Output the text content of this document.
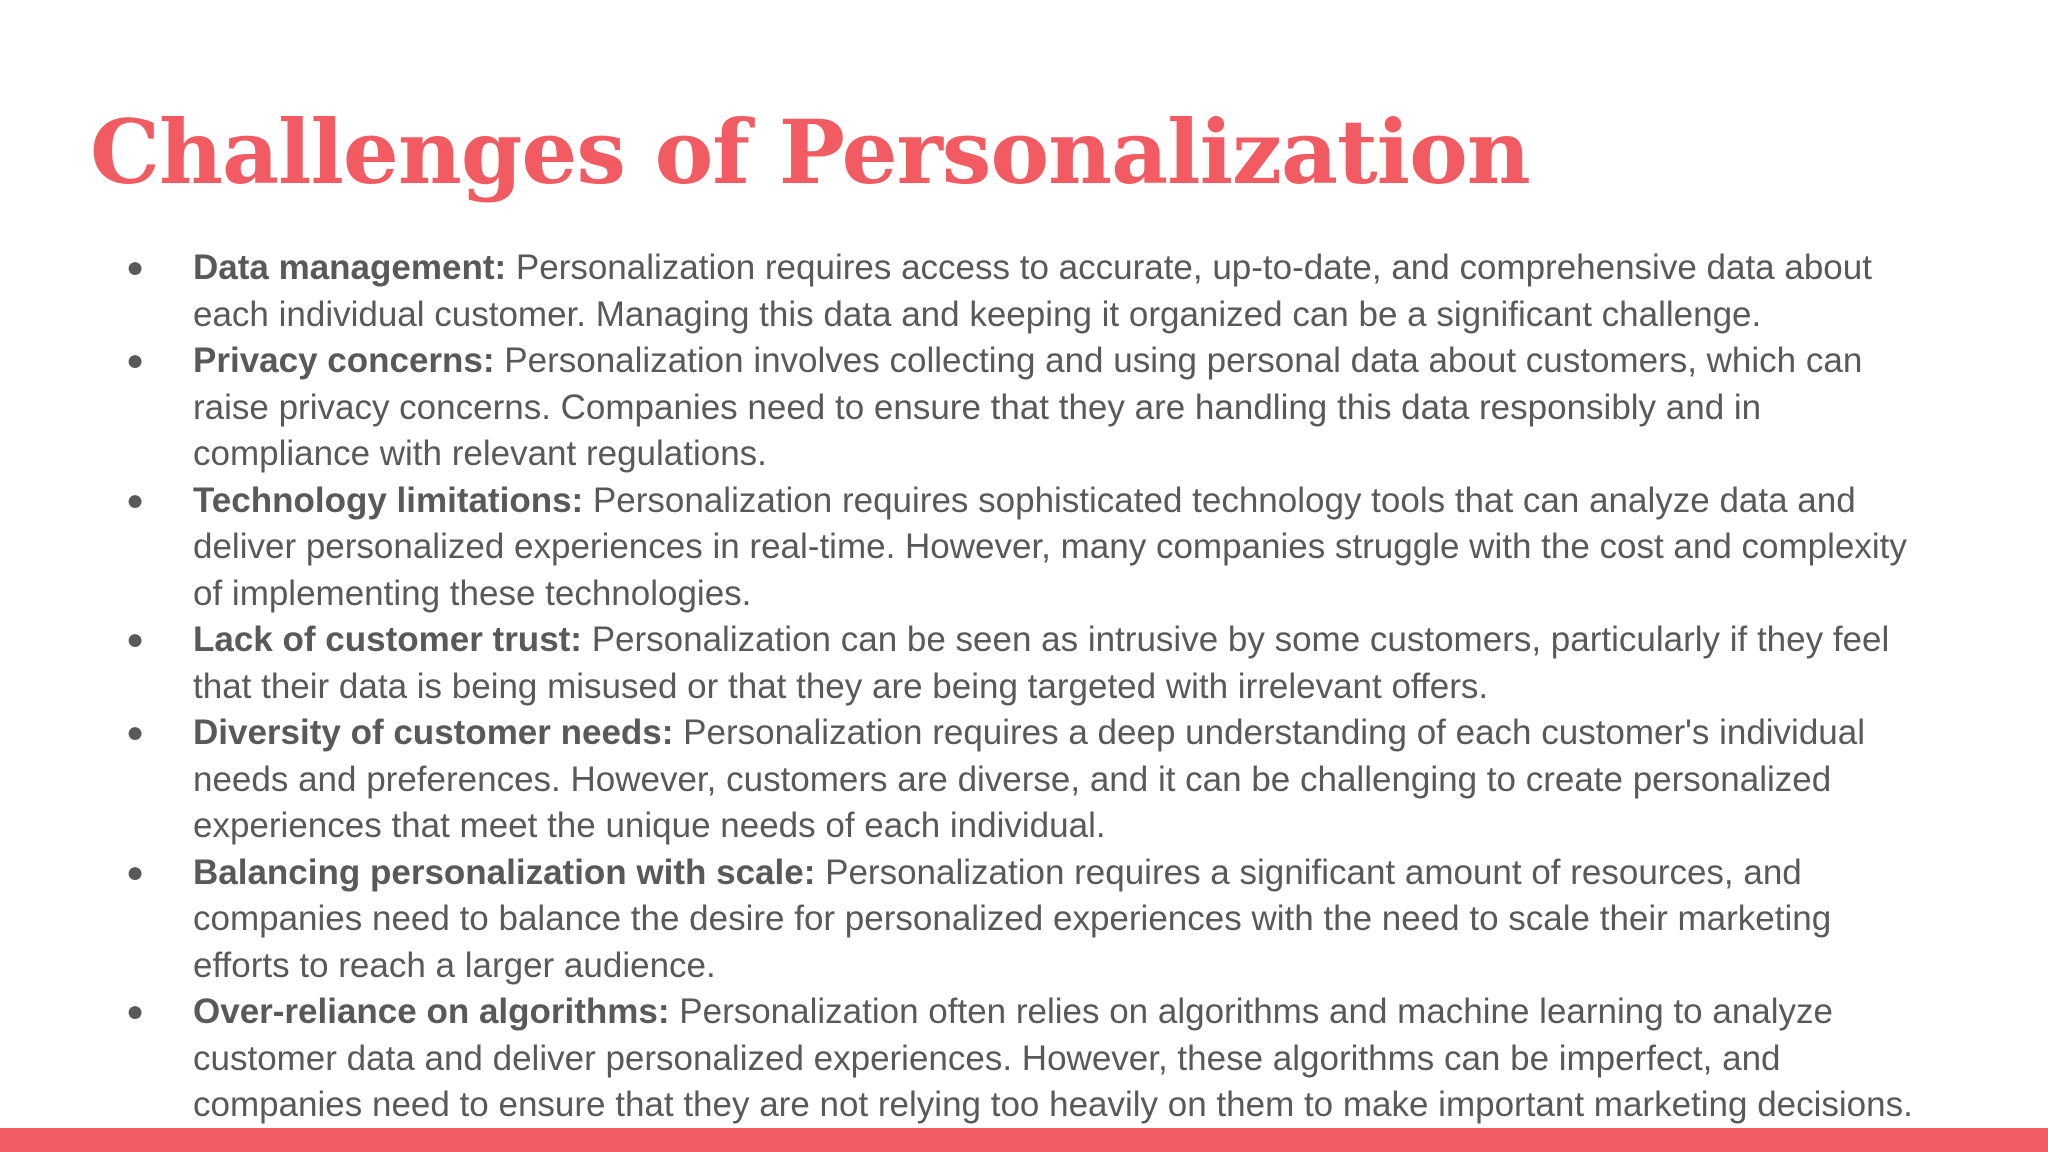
Challenges of Personalization
● Data management: Personalization requires access to accurate, up-to-date, and comprehensive data about each individual customer. Managing this data and keeping it organized can be a significant challenge.
● Privacy concerns: Personalization involves collecting and using personal data about customers, which can raise privacy concerns. Companies need to ensure that they are handling this data responsibly and in compliance with relevant regulations.
● Technology limitations: Personalization requires sophisticated technology tools that can analyze data and deliver personalized experiences in real-time. However, many companies struggle with the cost and complexity of implementing these technologies.
● Lack of customer trust: Personalization can be seen as intrusive by some customers, particularly if they feel that their data is being misused or that they are being targeted with irrelevant offers.
● Diversity of customer needs: Personalization requires a deep understanding of each customer's individual needs and preferences. However, customers are diverse, and it can be challenging to create personalized experiences that meet the unique needs of each individual.
● Balancing personalization with scale: Personalization requires a significant amount of resources, and companies need to balance the desire for personalized experiences with the need to scale their marketing efforts to reach a larger audience.
● Over-reliance on algorithms: Personalization often relies on algorithms and machine learning to analyze customer data and deliver personalized experiences. However, these algorithms can be imperfect, and companies need to ensure that they are not relying too heavily on them to make important marketing decisions.
